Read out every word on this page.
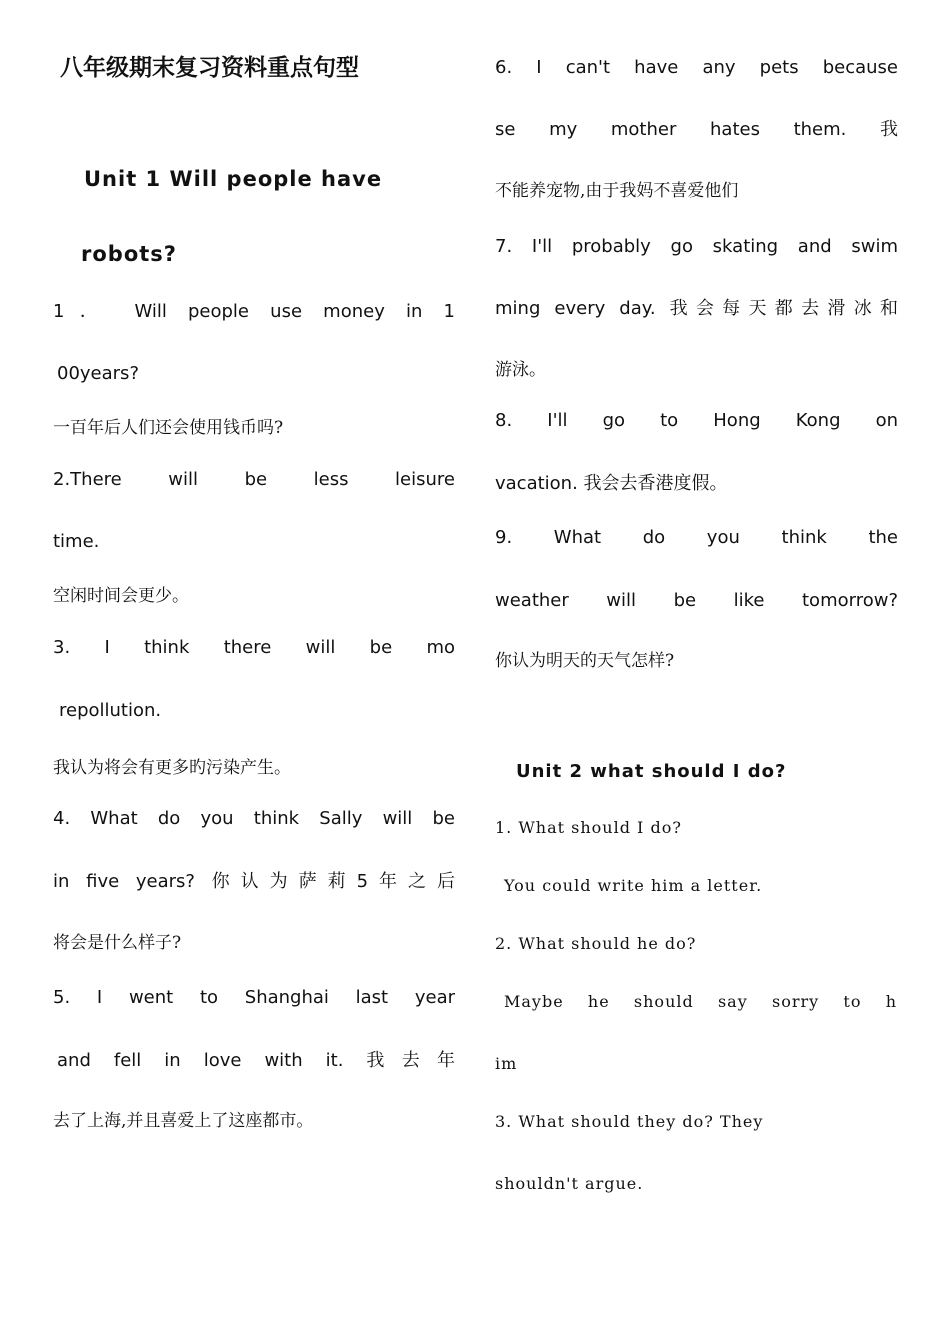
八年级期末复习资料重点句型
Unit 1 Will people have
robots?
1． Will people use money in 1
00years?
一百年后人们还会使用钱币吗?
2.There will be less leisure
time.
空闲时间会更少。
3. I think there will be mo
repollution.
我认为将会有更多旳污染产生。
4. What do you think Sally will be
in five years? 你认为萨莉5年之后
将会是什么样子?
5. I went to Shanghai last year
and fell in love with it. 我去年
去了上海,并且喜爱上了这座都市。
6. I can't have any pets because
se my mother hates them. 我
不能养宠物,由于我妈不喜爱他们
7. I'll probably go skating and swim
ming every day. 我会每天都去滑冰和
游泳。
8. I'll go to Hong Kong on
vacation. 我会去香港度假。
9. What do you think the
weather will be like tomorrow?
你认为明天的天气怎样?
Unit 2 what should I do?
1. What should I do?
You could write him a letter.
2. What should he do?
Maybe he should say sorry to h
im
3. What should they do? They
shouldn't argue.
